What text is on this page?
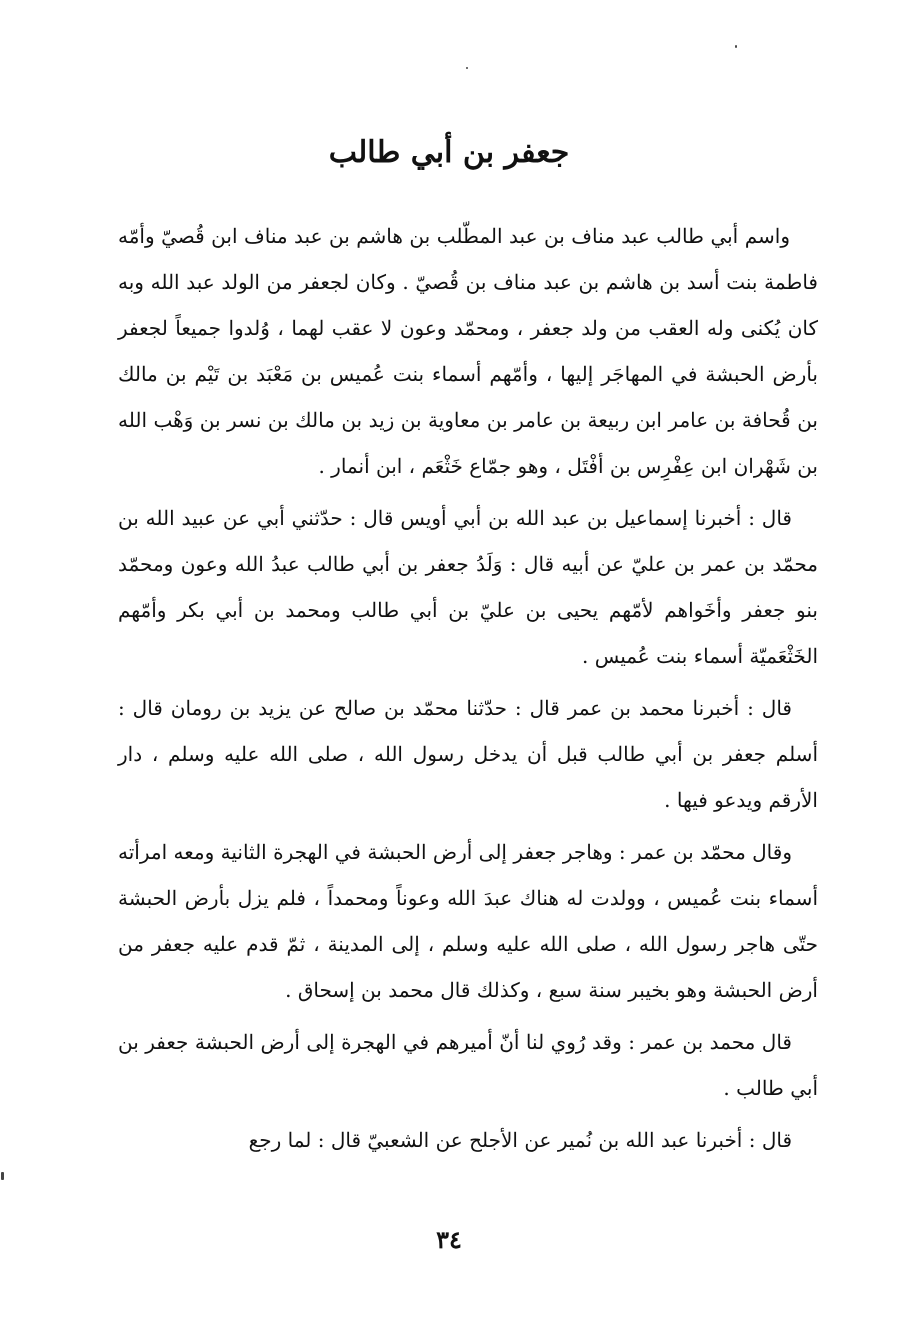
جعفر بن أبي طالب

واسم أبي طالب عبد مناف بن عبد المطّلب بن هاشم بن عبد مناف ابن قُصيّ وأمّه فاطمة بنت أسد بن هاشم بن عبد مناف بن قُصيّ . وكان لجعفر من الولد عبد الله وبه كان يُكنى وله العقب من ولد جعفر ، ومحمّد وعون لا عقب لهما ، وُلدوا جميعاً لجعفر بأرض الحبشة في المهاجَر إليها ، وأمّهم أسماء بنت عُميس بن مَعْبَد بن تَيْم بن مالك بن قُحافة بن عامر ابن ربيعة بن عامر بن معاوية بن زيد بن مالك بن نسر بن وَهْب الله بن شَهْران ابن عِفْرِس بن أفْتَل ، وهو جمّاع خَثْعَم ، ابن أنمار .

قال : أخبرنا إسماعيل بن عبد الله بن أبي أويس قال : حدّثني أبي عن عبيد الله بن محمّد بن عمر بن عليّ عن أبيه قال : وَلَدُ جعفر بن أبي طالب عبدُ الله وعون ومحمّد بنو جعفر وأخَواهم لأمّهم يحيى بن عليّ بن أبي طالب ومحمد بن أبي بكر وأمّهم الخَثْعَميّة أسماء بنت عُميس .

قال : أخبرنا محمد بن عمر قال : حدّثنا محمّد بن صالح عن يزيد بن رومان قال : أسلم جعفر بن أبي طالب قبل أن يدخل رسول الله ، صلى الله عليه وسلم ، دار الأرقم ويدعو فيها .

وقال محمّد بن عمر : وهاجر جعفر إلى أرض الحبشة في الهجرة الثانية ومعه امرأته أسماء بنت عُميس ، وولدت له هناك عبدَ الله وعوناً ومحمداً ، فلم يزل بأرض الحبشة حتّى هاجر رسول الله ، صلى الله عليه وسلم ، إلى المدينة ، ثمّ قدم عليه جعفر من أرض الحبشة وهو بخيبر سنة سبع ، وكذلك قال محمد بن إسحاق .

قال محمد بن عمر : وقد رُوي لنا أنّ أميرهم في الهجرة إلى أرض الحبشة جعفر بن أبي طالب .

قال : أخبرنا عبد الله بن نُمير عن الأجلح عن الشعبيّ قال : لما رجع

٣٤
